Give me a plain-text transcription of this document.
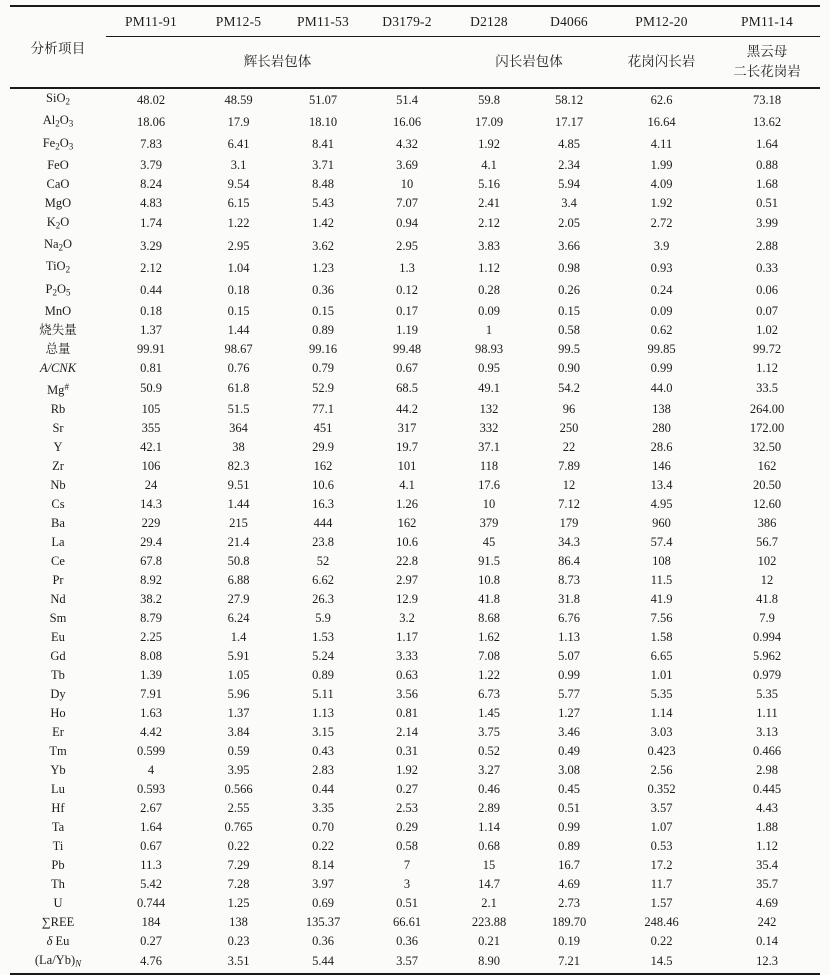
分析项目	PM11-91	PM12-5	PM11-53	D3179-2	D2128	D4066	PM12-20	PM11-14
	辉长岩包体				闪长岩包体		花岗闪长岩	黑云母
二长花岗岩
SiO$_2$	48.02	48.59	51.07	51.4	59.8	58.12	62.6	73.18
$Al_2O_3$	18.06	17.9	18.10	16.06	17.09	17.17	16.64	13.62
$Fe_2O_3$	7.83	6.41	8.41	4.32	1.92	4.85	4.11	1.64
FeO	3.79	3.1	3.71	3.69	4.1	2.34	1.99	0.88
CaO	8.24	9.54	8.48	10	5.16	5.94	4.09	1.68
MgO	4.83	6.15	5.43	7.07	2.41	3.4	1.92	0.51
$K_2O$	1.74	1.22	1.42	0.94	2.12	2.05	2.72	3.99
$Na_2O$	3.29	2.95	3.62	2.95	3.83	3.66	3.9	2.88
TiO$_2$	2.12	1.04	1.23	1.3	1.12	0.98	0.93	0.33
$P_2O_5$	0.44	0.18	0.36	0.12	0.28	0.26	0.24	0.06
MnO	0.18	0.15	0.15	0.17	0.09	0.15	0.09	0.07
烧失量	1.37	1.44	0.89	1.19	1	0.58	0.62	1.02
总量	99.91	98.67	99.16	99.48	98.93	99.5	99.85	99.72
A/CNK	0.81	0.76	0.79	0.67	0.95	0.90	0.99	1.12
Mg#	50.9	61.8	52.9	68.5	49.1	54.2	44.0	33.5
Rb	105	51.5	77.1	44.2	132	96	138	264.00
Sr	355	364	451	317	332	250	280	172.00
Y	42.1	38	29.9	19.7	37.1	22	28.6	32.50
Zr	106	82.3	162	101	118	7.89	146	162
Nb	24	9.51	10.6	4.1	17.6	12	13.4	20.50
Cs	14.3	1.44	16.3	1.26	10	7.12	4.95	12.60
Ba	229	215	444	162	379	179	960	386
La	29.4	21.4	23.8	10.6	45	34.3	57.4	56.7
Ce	67.8	50.8	52	22.8	91.5	86.4	108	102
Pr	8.92	6.88	6.62	2.97	10.8	8.73	11.5	12
Nd	38.2	27.9	26.3	12.9	41.8	31.8	41.9	41.8
Sm	8.79	6.24	5.9	3.2	8.68	6.76	7.56	7.9
Eu	2.25	1.4	1.53	1.17	1.62	1.13	1.58	0.994
Gd	8.08	5.91	5.24	3.33	7.08	5.07	6.65	5.962
Tb	1.39	1.05	0.89	0.63	1.22	0.99	1.01	0.979
Dy	7.91	5.96	5.11	3.56	6.73	5.77	5.35	5.35
Ho	1.63	1.37	1.13	0.81	1.45	1.27	1.14	1.11
Er	4.42	3.84	3.15	2.14	3.75	3.46	3.03	3.13
Tm	0.599	0.59	0.43	0.31	0.52	0.49	0.423	0.466
Yb	4	3.95	2.83	1.92	3.27	3.08	2.56	2.98
Lu	0.593	0.566	0.44	0.27	0.46	0.45	0.352	0.445
Hf	2.67	2.55	3.35	2.53	2.89	0.51	3.57	4.43
Ta	1.64	0.765	0.70	0.29	1.14	0.99	1.07	1.88
Ti	0.67	0.22	0.22	0.58	0.68	0.89	0.53	1.12
Pb	11.3	7.29	8.14	7	15	16.7	17.2	35.4
Th	5.42	7.28	3.97	3	14.7	4.69	11.7	35.7
U	0.744	1.25	0.69	0.51	2.1	2.73	1.57	4.69
∑REE	184	138	135.37	66.61	223.88	189.70	248.46	242
δ Eu	0.27	0.23	0.36	0.36	0.21	0.19	0.22	0.14
$(La/Yb)_N$	4.76	3.51	5.44	3.57	8.90	7.21	14.5	12.3
